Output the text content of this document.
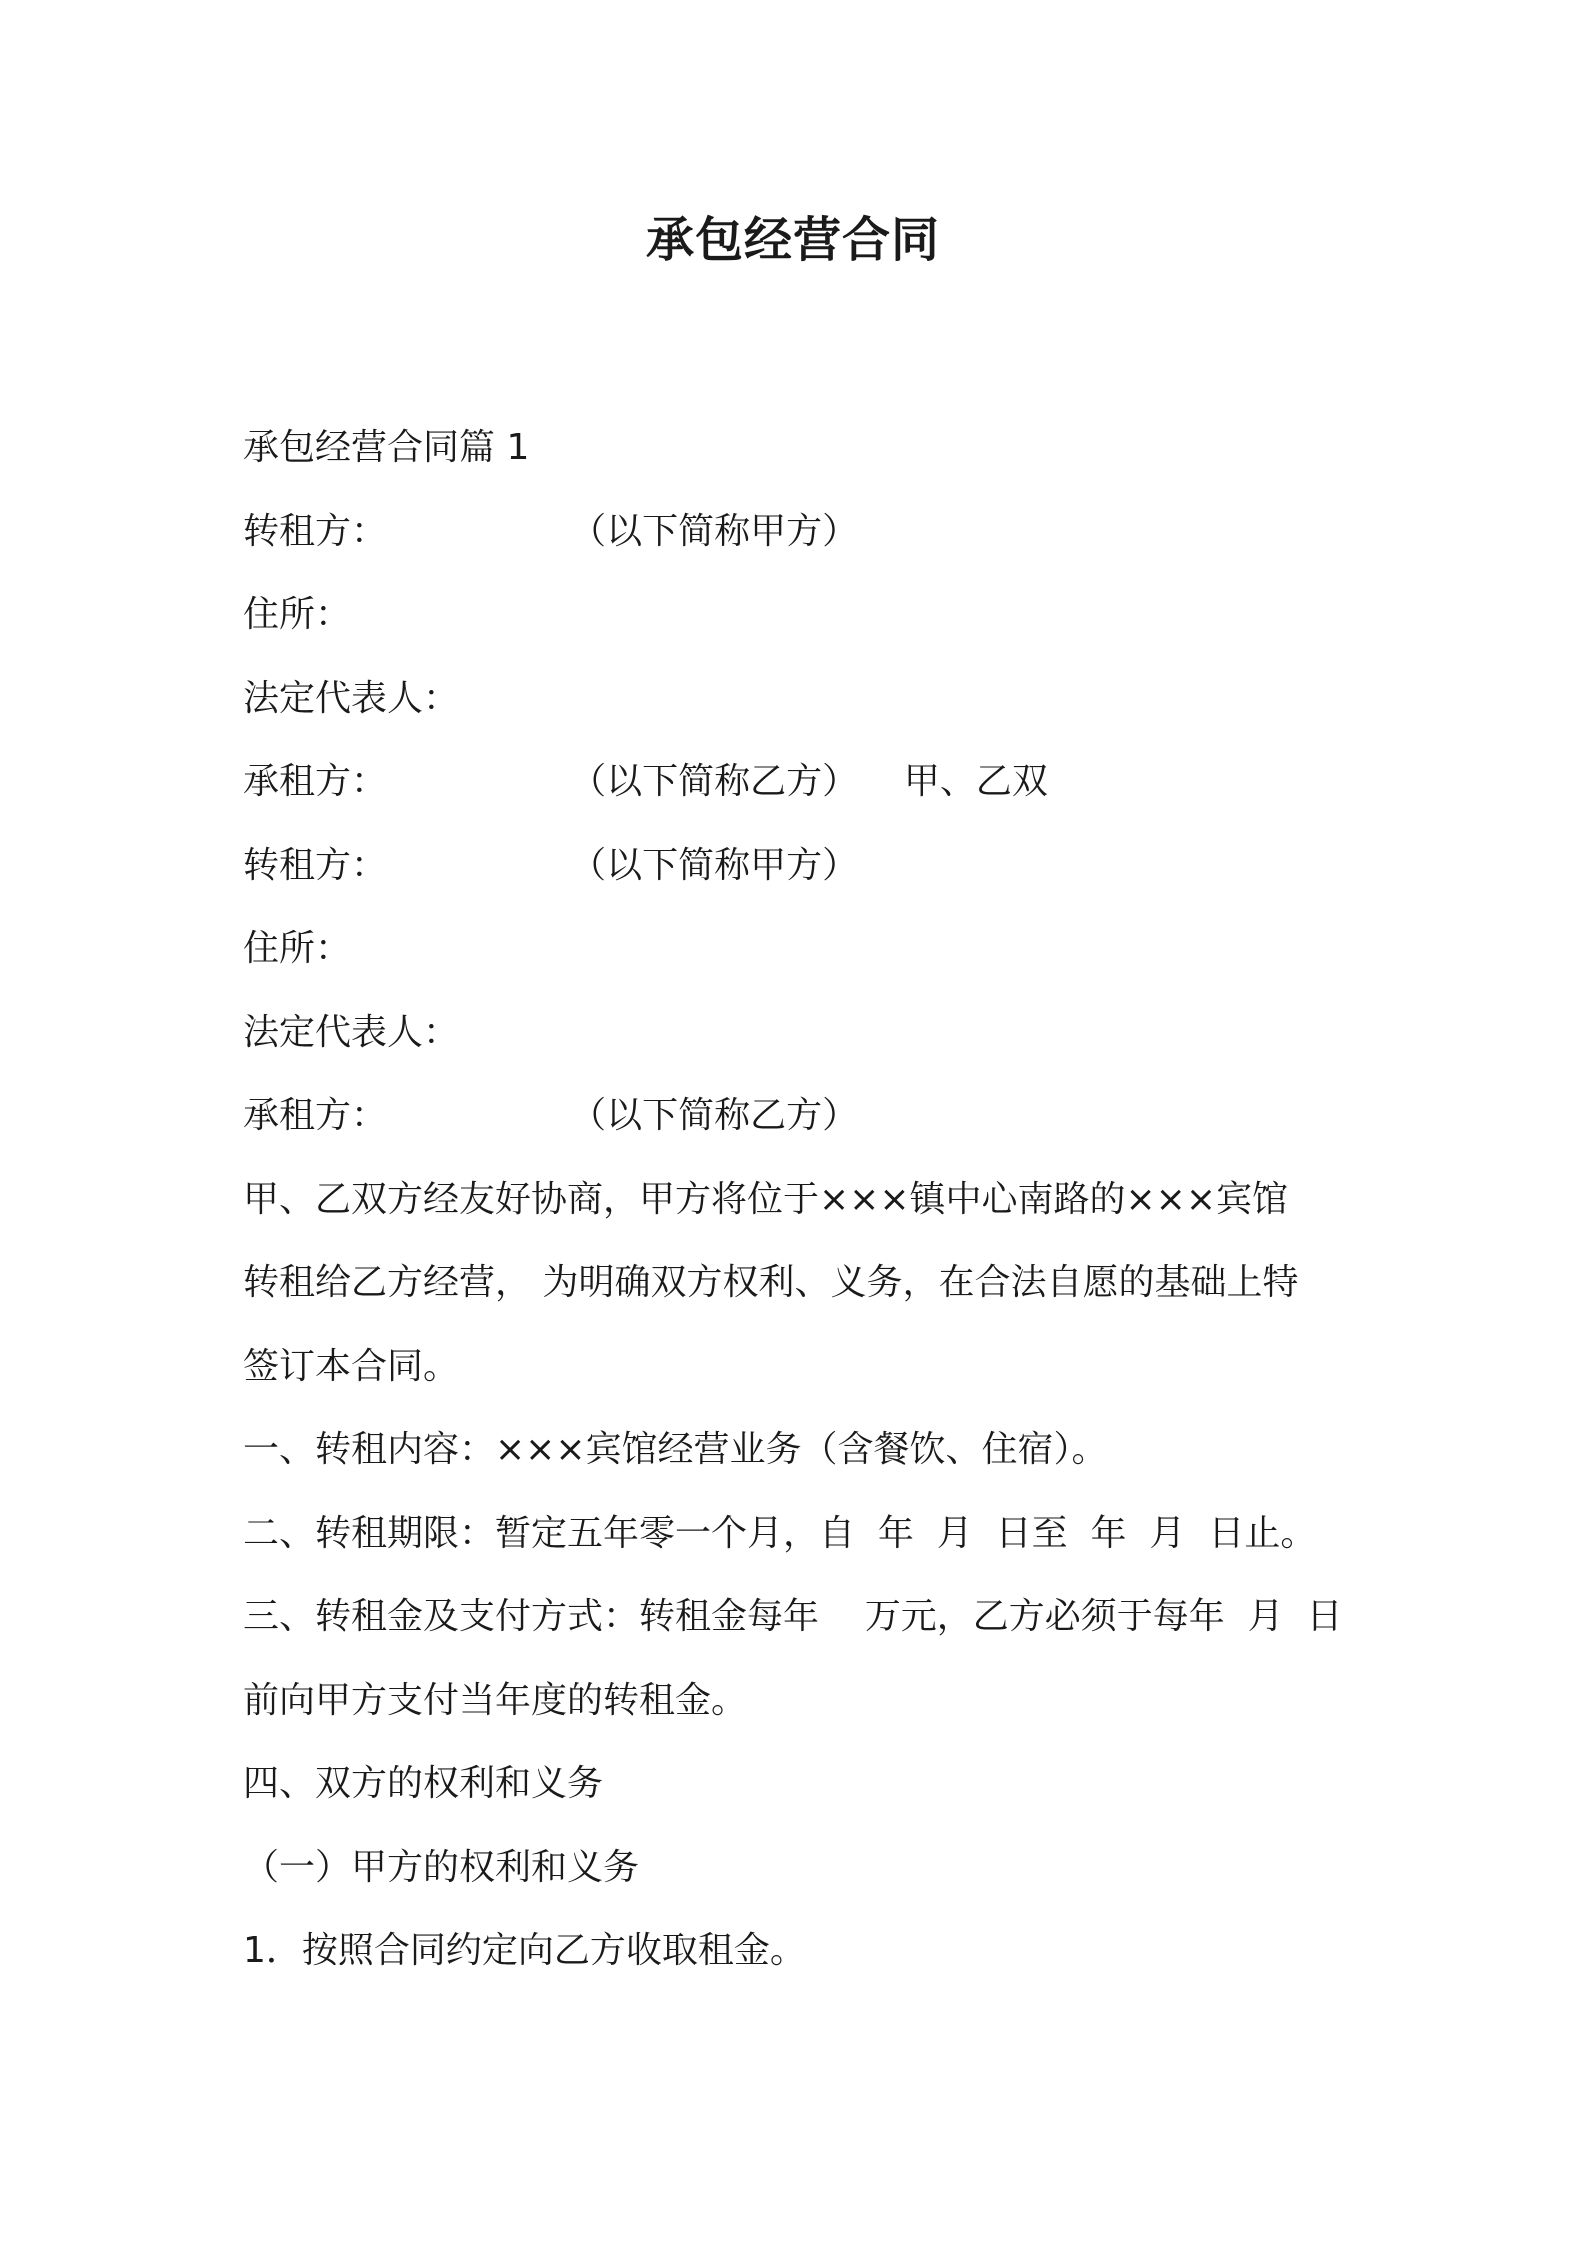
承包经营合同
承包经营合同篇 1
转租方：                （以下简称甲方）
住所：
法定代表人：
承租方：                （以下简称乙方）    甲、乙双
转租方：                （以下简称甲方）
住所：
法定代表人：
承租方：                （以下简称乙方）
甲、乙双方经友好协商，甲方将位于×××镇中心南路的×××宾馆
转租给乙方经营， 为明确双方权利、义务，在合法自愿的基础上特
签订本合同。
一、转租内容：×××宾馆经营业务（含餐饮、住宿）。
二、转租期限：暂定五年零一个月，自  年  月  日至  年  月  日止。
三、转租金及支付方式：转租金每年    万元，乙方必须于每年  月  日
前向甲方支付当年度的转租金。
四、双方的权利和义务
（一）甲方的权利和义务
1．按照合同约定向乙方收取租金。
